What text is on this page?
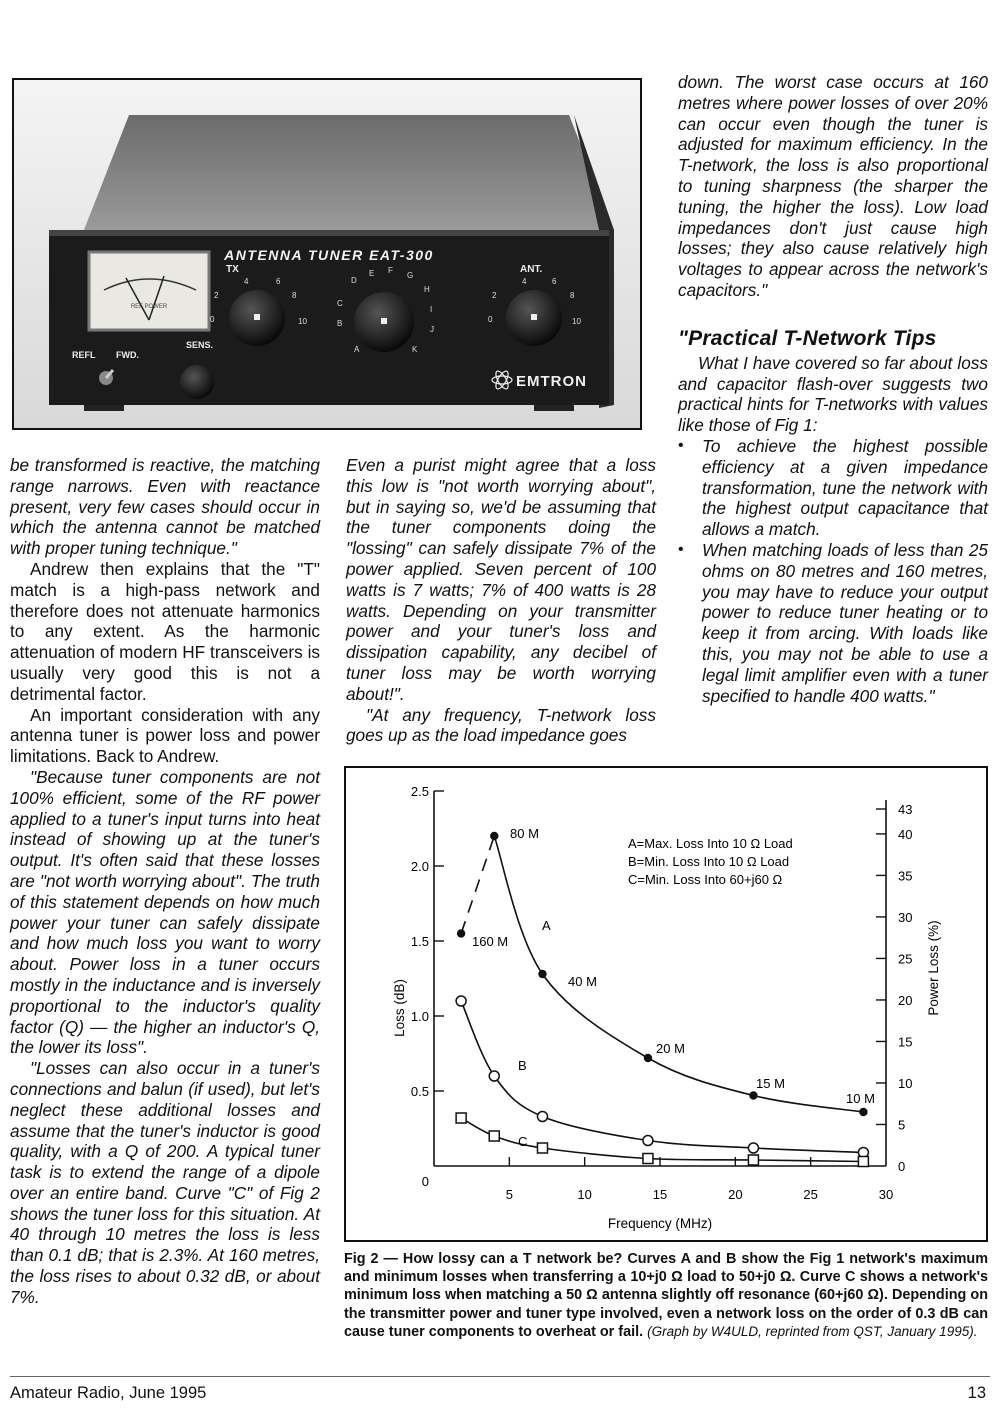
ANTENNA TUNER EAT-300
REF POWER
TX
2
4	6
8
0	10
D
E F
G
H
I
C
B
J
A	K
ANT.
2
4	6
8
0	10
SENS.
REFL FWD.
EMTRON

be transformed is reactive, the matching range narrows. Even with reactance present, very few cases should occur in which the antenna cannot be matched with proper tuning technique."

Andrew then explains that the "T" match is a high-pass network and therefore does not attenuate harmonics to any extent. As the harmonic attenuation of modern HF transceivers is usually very good this is not a detrimental factor.

An important consideration with any antenna tuner is power loss and power limitations. Back to Andrew.

"Because tuner components are not 100% efficient, some of the RF power applied to a tuner's input turns into heat instead of showing up at the tuner's output. It's often said that these losses are "not worth worrying about". The truth of this statement depends on how much power your tuner can safely dissipate and how much loss you want to worry about. Power loss in a tuner occurs mostly in the inductance and is inversely proportional to the inductor's quality factor (Q) — the higher an inductor's Q, the lower its loss".

"Losses can also occur in a tuner's connections and balun (if used), but let's neglect these additional losses and assume that the tuner's inductor is good quality, with a Q of 200. A typical tuner task is to extend the range of a dipole over an entire band. Curve "C" of Fig 2 shows the tuner loss for this situation. At 40 through 10 metres the loss is less than 0.1 dB; that is 2.3%. At 160 metres, the loss rises to about 0.32 dB, or about 7%.

Even a purist might agree that a loss this low is "not worth worrying about", but in saying so, we'd be assuming that the tuner components doing the "lossing" can safely dissipate 7% of the power applied. Seven percent of 100 watts is 7 watts; 7% of 400 watts is 28 watts. Depending on your transmitter power and your tuner's loss and dissipation capability, any decibel of tuner loss may be worth worrying about!".

"At any frequency, T-network loss goes up as the load impedance goes

down. The worst case occurs at 160 metres where power losses of over 20% can occur even though the tuner is adjusted for maximum efficiency. In the T-network, the loss is also proportional to tuning sharpness (the sharper the tuning, the higher the loss). Low load impedances don't just cause high losses; they also cause relatively high voltages to appear across the network's capacitors."

"Practical T-Network Tips

What I have covered so far about loss and capacitor flash-over suggests two practical hints for T-networks with values like those of Fig 1:

• To achieve the highest possible efficiency at a given impedance transformation, tune the network with the highest output capacitance that allows a match.
• When matching loads of less than 25 ohms on 80 metres and 160 metres, you may have to reduce your output power to reduce tuner heating or to keep it from arcing. With loads like this, you may not be able to use a legal limit amplifier even with a tuner specified to handle 400 watts."
0
0.5
1.0
1.5
2.0
2.5
5	10	15	20	25	30
0
5
10
15
20
25
30
35
40
43
Frequency (MHz)
Loss (dB)	Power Loss (%)
A=Max. Loss Into 10 Ω Load
B=Min. Loss Into 10 Ω Load
C=Min. Loss Into 60+j60 Ω
A
B
C
80 M
160 M
40 M
20 M
15 M
10 M
Fig 2 — How lossy can a T network be? Curves A and B show the Fig 1 network's maximum and minimum losses when transferring a 10+j0 Ω load to 50+j0 Ω. Curve C shows a network's minimum loss when matching a 50 Ω antenna slightly off resonance (60+j60 Ω). Depending on the transmitter power and tuner type involved, even a network loss on the order of 0.3 dB can cause tuner components to overheat or fail. (Graph by W4ULD, reprinted from QST, January 1995).
Amateur Radio, June 1995	13
